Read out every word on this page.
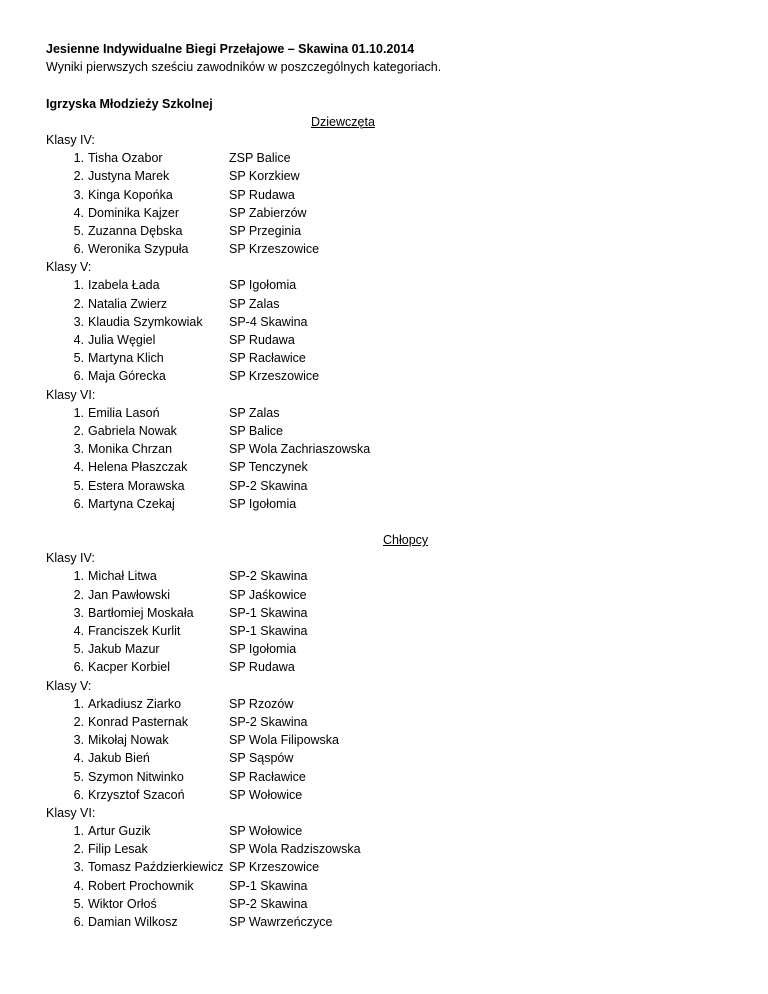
Jesienne Indywidualne Biegi Przełajowe – Skawina 01.10.2014
Wyniki pierwszych sześciu zawodników w poszczególnych kategoriach.
Igrzyska Młodzieży Szkolnej
Dziewczęta
Klasy IV:
1. Tisha Ozabor	ZSP Balice
2. Justyna Marek	SP Korzkiew
3. Kinga Kopońka	SP Rudawa
4. Dominika Kajzer	SP Zabierzów
5. Zuzanna Dębska	SP Przeginia
6. Weronika Szypuła	SP Krzeszowice
Klasy V:
1. Izabela Łada	SP Igołomia
2. Natalia Zwierz	SP Zalas
3. Klaudia Szymkowiak	SP-4 Skawina
4. Julia Węgiel	SP Rudawa
5. Martyna Klich	SP Racławice
6. Maja Górecka	SP Krzeszowice
Klasy VI:
1. Emilia Lasoń	SP Zalas
2. Gabriela Nowak	SP Balice
3. Monika Chrzan	SP Wola Zachriaszowska
4. Helena Płaszczak	SP Tenczynek
5. Estera Morawska	SP-2 Skawina
6. Martyna Czekaj	SP Igołomia
Chłopcy
Klasy IV:
1. Michał Litwa	SP-2 Skawina
2. Jan Pawłowski	SP Jaśkowice
3. Bartłomiej Moskała	SP-1 Skawina
4. Franciszek Kurlit	SP-1 Skawina
5. Jakub Mazur	SP Igołomia
6. Kacper Korbiel	SP Rudawa
Klasy V:
1. Arkadiusz Ziarko	SP Rzozów
2. Konrad Pasternak	SP-2 Skawina
3. Mikołaj Nowak	SP Wola Filipowska
4. Jakub Bień	SP Sąspów
5. Szymon Nitwinko	SP Racławice
6. Krzysztof Szacoń	SP Wołowice
Klasy VI:
1. Artur Guzik	SP Wołowice
2. Filip Lesak	SP Wola Radziszowska
3. Tomasz Paździerkiewicz SP Krzeszowice
4. Robert Prochownik	SP-1 Skawina
5. Wiktor Orłoś	SP-2 Skawina
6. Damian Wilkosz	SP Wawrzeńczyce
